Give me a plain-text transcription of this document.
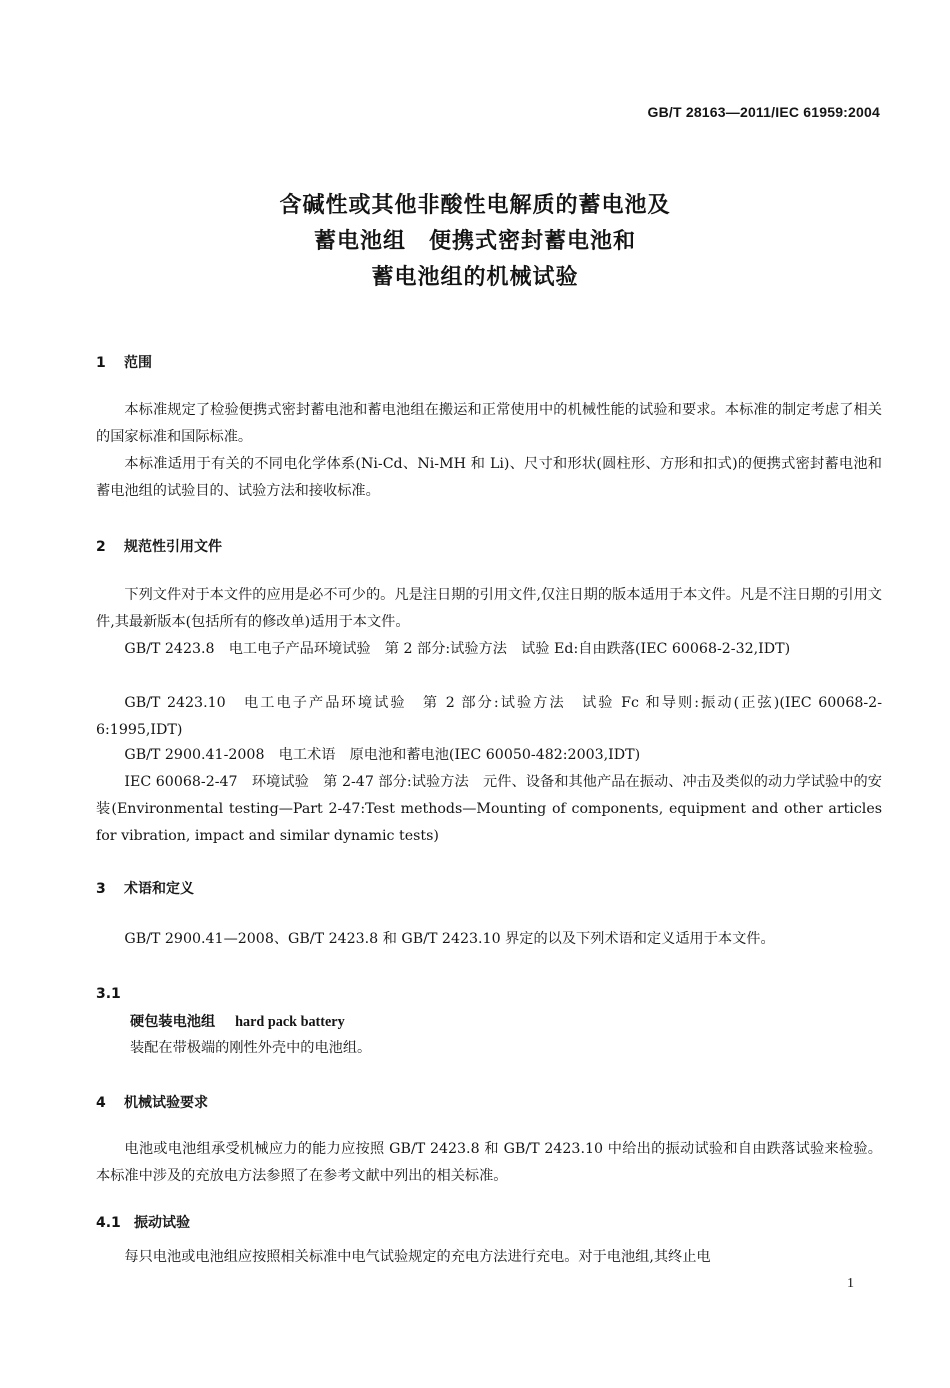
GB/T 28163—2011/IEC 61959:2004
含碱性或其他非酸性电解质的蓄电池及
蓄电池组　便携式密封蓄电池和
蓄电池组的机械试验
1 范围
本标准规定了检验便携式密封蓄电池和蓄电池组在搬运和正常使用中的机械性能的试验和要求。本标准的制定考虑了相关的国家标准和国际标准。
本标准适用于有关的不同电化学体系(Ni-Cd、Ni-MH 和 Li)、尺寸和形状(圆柱形、方形和扣式)的便携式密封蓄电池和蓄电池组的试验目的、试验方法和接收标准。
2 规范性引用文件
下列文件对于本文件的应用是必不可少的。凡是注日期的引用文件,仅注日期的版本适用于本文件。凡是不注日期的引用文件,其最新版本(包括所有的修改单)适用于本文件。
GB/T 2423.8　电工电子产品环境试验　第 2 部分:试验方法　试验 Ed:自由跌落(IEC 60068-2-32,IDT)
GB/T 2423.10　电工电子产品环境试验　第 2 部分:试验方法　试验 Fc 和导则:振动(正弦)(IEC 60068-2-6:1995,IDT)
GB/T 2900.41-2008　电工术语　原电池和蓄电池(IEC 60050-482:2003,IDT)
IEC 60068-2-47　环境试验　第 2-47 部分:试验方法　元件、设备和其他产品在振动、冲击及类似的动力学试验中的安装(Environmental testing—Part 2-47:Test methods—Mounting of components, equipment and other articles for vibration, impact and similar dynamic tests)
3 术语和定义
GB/T 2900.41—2008、GB/T 2423.8 和 GB/T 2423.10 界定的以及下列术语和定义适用于本文件。
3.1
硬包装电池组 hard pack battery
装配在带极端的刚性外壳中的电池组。
4 机械试验要求
电池或电池组承受机械应力的能力应按照 GB/T 2423.8 和 GB/T 2423.10 中给出的振动试验和自由跌落试验来检验。本标准中涉及的充放电方法参照了在参考文献中列出的相关标准。
4.1 振动试验
每只电池或电池组应按照相关标准中电气试验规定的充电方法进行充电。对于电池组,其终止电
1
